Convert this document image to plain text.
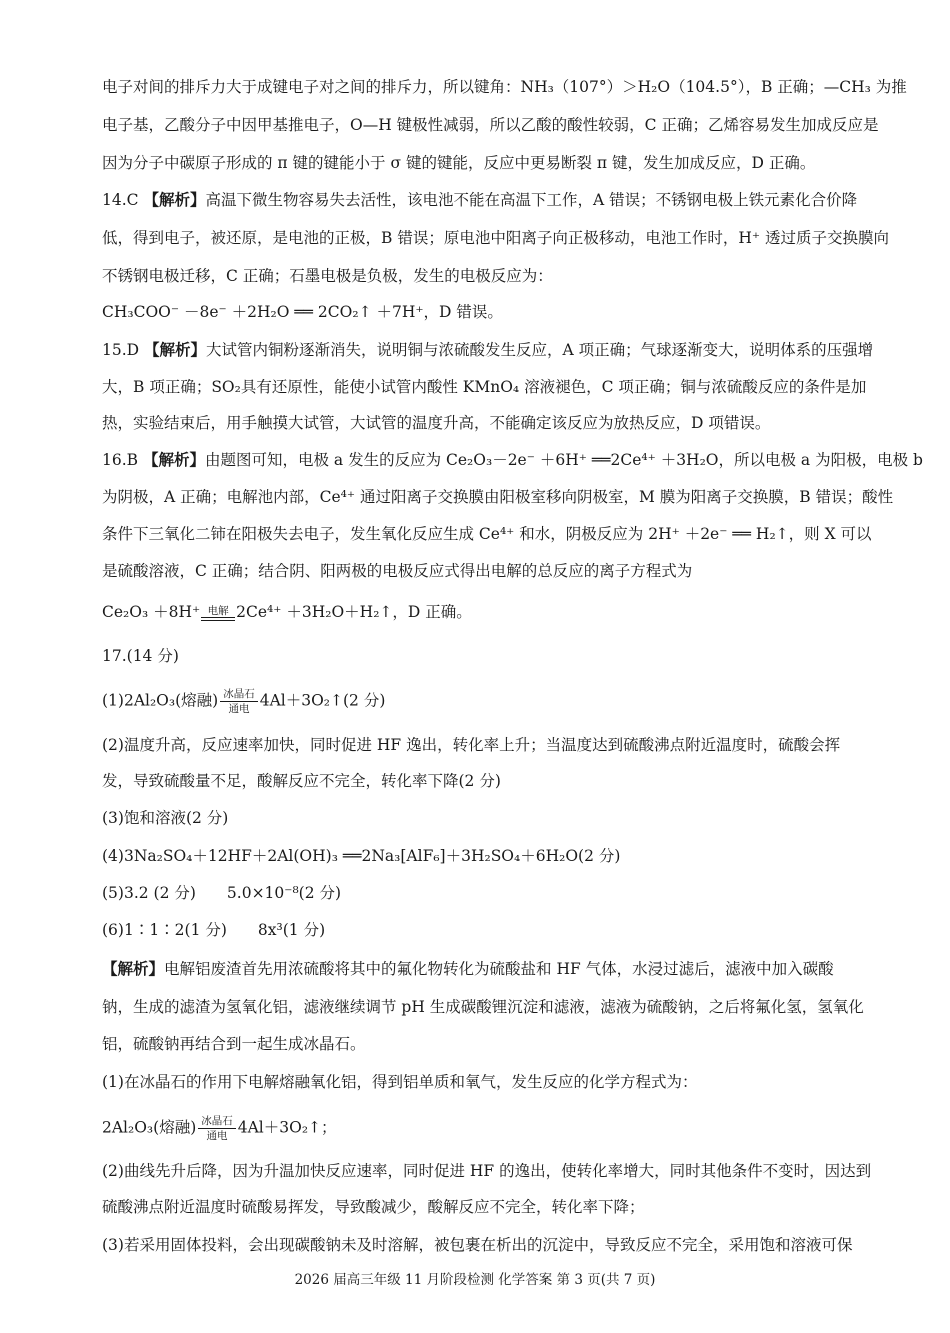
电子对间的排斥力大于成键电子对之间的排斥力，所以键角：NH₃（107°）＞H₂O（104.5°），B 正确；—CH₃ 为推
电子基，乙酸分子中因甲基推电子，O—H 键极性减弱，所以乙酸的酸性较弱，C 正确；乙烯容易发生加成反应是
因为分子中碳原子形成的 π 键的键能小于 σ 键的键能，反应中更易断裂 π 键，发生加成反应，D 正确。
14.C 【解析】高温下微生物容易失去活性，该电池不能在高温下工作，A 错误；不锈钢电极上铁元素化合价降
低，得到电子，被还原，是电池的正极，B 错误；原电池中阳离子向正极移动，电池工作时，H⁺ 透过质子交换膜向
不锈钢电极迁移，C 正确；石墨电极是负极，发生的电极反应为：
CH₃COO⁻ －8e⁻ ＋2H₂O ══ 2CO₂↑ ＋7H⁺，D 错误。
15.D 【解析】大试管内铜粉逐渐消失，说明铜与浓硫酸发生反应，A 项正确；气球逐渐变大，说明体系的压强增
大，B 项正确；SO₂具有还原性，能使小试管内酸性 KMnO₄ 溶液褪色，C 项正确；铜与浓硫酸反应的条件是加
热，实验结束后，用手触摸大试管，大试管的温度升高，不能确定该反应为放热反应，D 项错误。
16.B 【解析】由题图可知，电极 a 发生的反应为 Ce₂O₃－2e⁻ ＋6H⁺ ══2Ce⁴⁺ ＋3H₂O，所以电极 a 为阳极，电极 b
为阴极，A 正确；电解池内部，Ce⁴⁺ 通过阳离子交换膜由阳极室移向阴极室，M 膜为阳离子交换膜，B 错误；酸性
条件下三氧化二铈在阳极失去电子，发生氧化反应生成 Ce⁴⁺ 和水，阴极反应为 2H⁺ ＋2e⁻ ══ H₂↑，则 X 可以
是硫酸溶液，C 正确；结合阴、阳两极的电极反应式得出电解的总反应的离子方程式为
Ce₂O₃ ＋8H⁺ 电解 2Ce⁴⁺ ＋3H₂O＋H₂↑，D 正确。
17.(14 分)
(1)2Al₂O₃(熔融) $\frac{\text{冰晶石}}{\text{通电}}$ 4Al＋3O₂↑(2 分)
(2)温度升高，反应速率加快，同时促进 HF 逸出，转化率上升；当温度达到硫酸沸点附近温度时，硫酸会挥
发，导致硫酸量不足，酸解反应不完全，转化率下降(2 分)
(3)饱和溶液(2 分)
(4)3Na₂SO₄＋12HF＋2Al(OH)₃ ══2Na₃[AlF₆]＋3H₂SO₄＋6H₂O(2 分)
(5)3.2 (2 分)　　5.0×10⁻⁸(2 分)
(6)1∶1∶2(1 分)　　8x³(1 分)
【解析】电解铝废渣首先用浓硫酸将其中的氟化物转化为硫酸盐和 HF 气体，水浸过滤后，滤液中加入碳酸
钠，生成的滤渣为氢氧化铝，滤液继续调节 pH 生成碳酸锂沉淀和滤液，滤液为硫酸钠，之后将氟化氢，氢氧化
铝，硫酸钠再结合到一起生成冰晶石。
(1)在冰晶石的作用下电解熔融氧化铝，得到铝单质和氧气，发生反应的化学方程式为：
2Al₂O₃(熔融) $\frac{\text{冰晶石}}{\text{通电}}$ 4Al＋3O₂↑；
(2)曲线先升后降，因为升温加快反应速率，同时促进 HF 的逸出，使转化率增大，同时其他条件不变时，因达到
硫酸沸点附近温度时硫酸易挥发，导致酸减少，酸解反应不完全，转化率下降；
(3)若采用固体投料，会出现碳酸钠未及时溶解，被包裹在析出的沉淀中，导致反应不完全，采用饱和溶液可保
2026 届高三年级 11 月阶段检测 化学答案 第 3 页(共 7 页)
